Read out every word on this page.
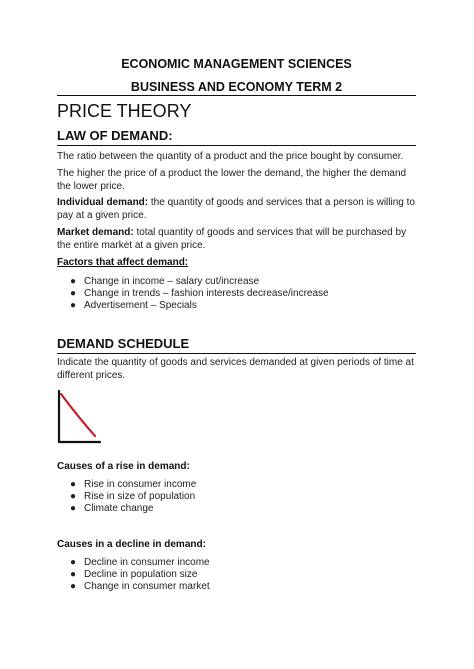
ECONOMIC MANAGEMENT SCIENCES
BUSINESS AND ECONOMY TERM 2
PRICE THEORY
LAW OF DEMAND:
The ratio between the quantity of a product and the price bought by consumer.
The higher the price of a product the lower the demand, the higher the demand the lower price.
Individual demand: the quantity of goods and services that a person is willing to pay at a given price.
Market demand: total quantity of goods and services that will be purchased by the entire market at a given price.
Factors that affect demand:
● Change in income – salary cut/increase
● Change in trends – fashion interests decrease/increase
● Advertisement – Specials
DEMAND SCHEDULE
Indicate the quantity of goods and services demanded at given periods of time at different prices.
Causes of a rise in demand:
● Rise in consumer income
● Rise in size of population
● Climate change
Causes in a decline in demand:
● Decline in consumer income
● Decline in population size
● Change in consumer market
